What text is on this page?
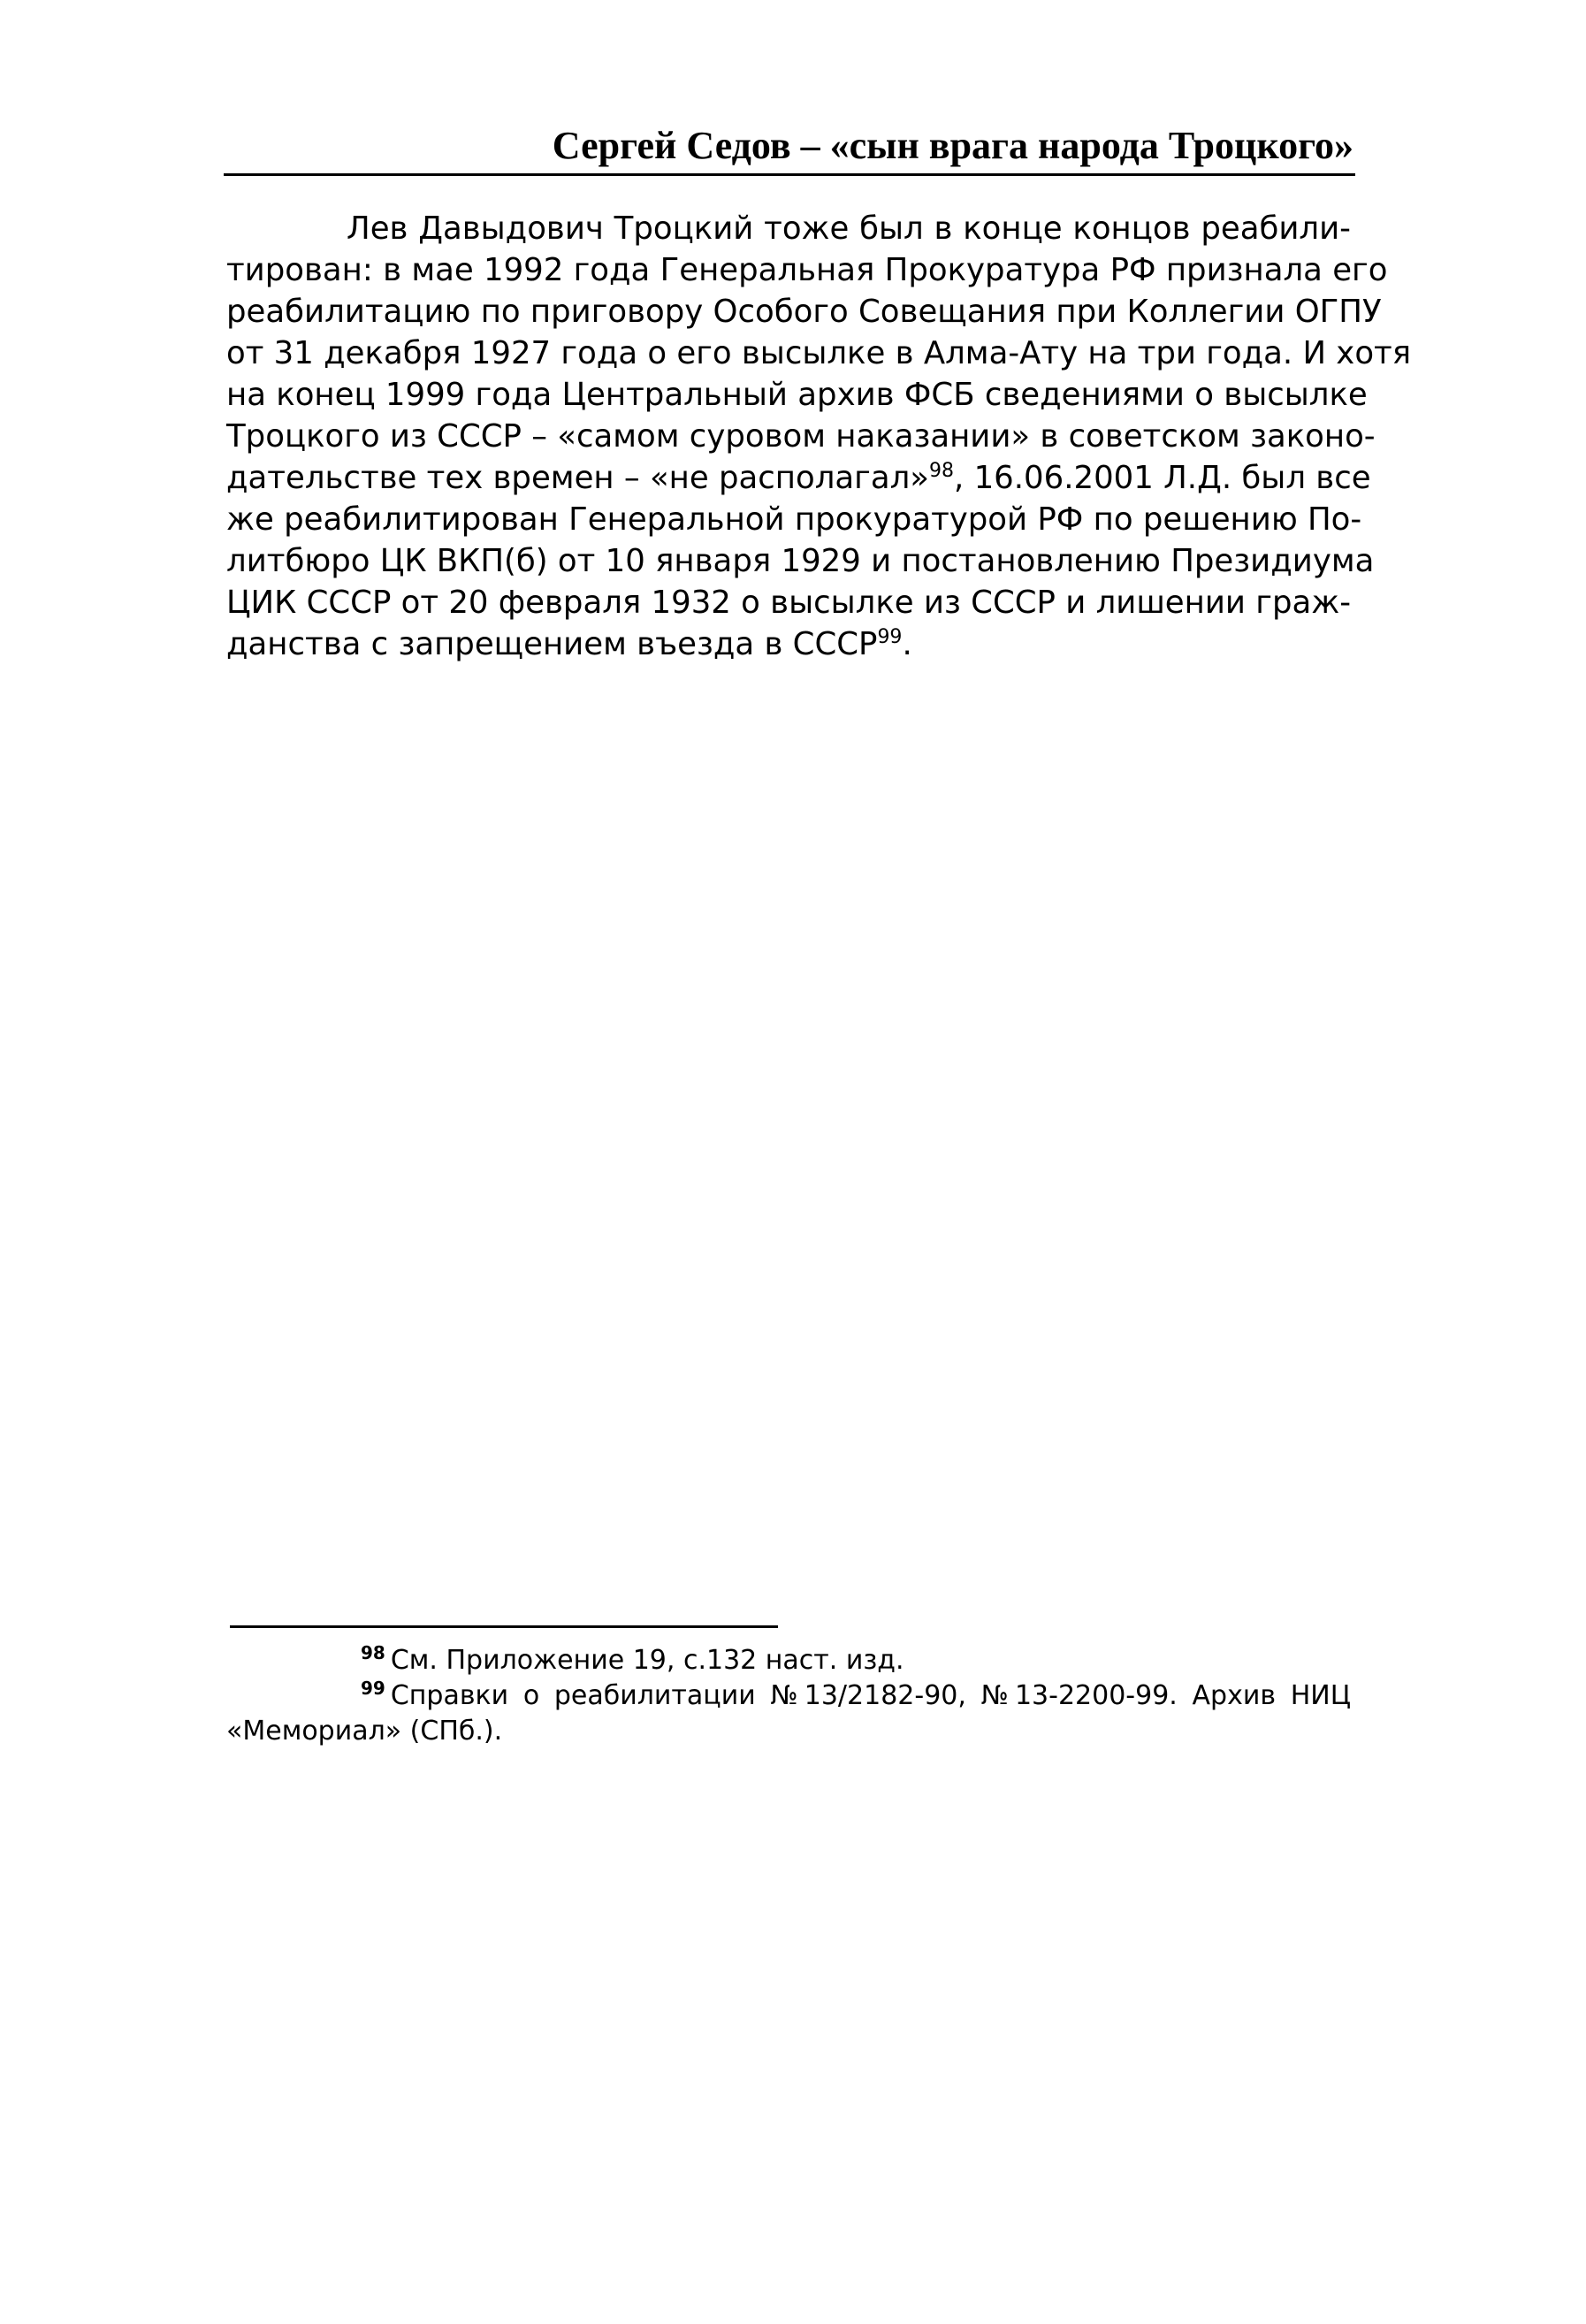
Сергей Седов – «сын врага народа Троцкого»
Лев Давыдович Троцкий тоже был в конце концов реабили-
тирован: в мае 1992 года Генеральная Прокуратура РФ признала его
реабилитацию по приговору Особого Совещания при Коллегии ОГПУ
от 31 декабря 1927 года о его высылке в Алма-Ату на три года. И хотя
на конец 1999 года Центральный архив ФСБ сведениями о высылке
Троцкого из СССР – «самом суровом наказании» в советском законо-
дательстве тех времен – «не располагал»$^{98}$, 16.06.2001 Л.Д. был все
же реабилитирован Генеральной прокуратурой РФ по решению По-
литбюро ЦК ВКП(б) от 10 января 1929 и постановлению Президиума
ЦИК СССР от 20 февраля 1932 о высылке из СССР и лишении граж-
данства с запрещением въезда в СССР$^{99}$.
$^{98}$ См. Приложение 19, с.132 наст. изд.
$^{99}$ Справки о реабилитации №13/2182-90, №13-2200-99. Архив НИЦ
«Мемориал» (СПб.).
